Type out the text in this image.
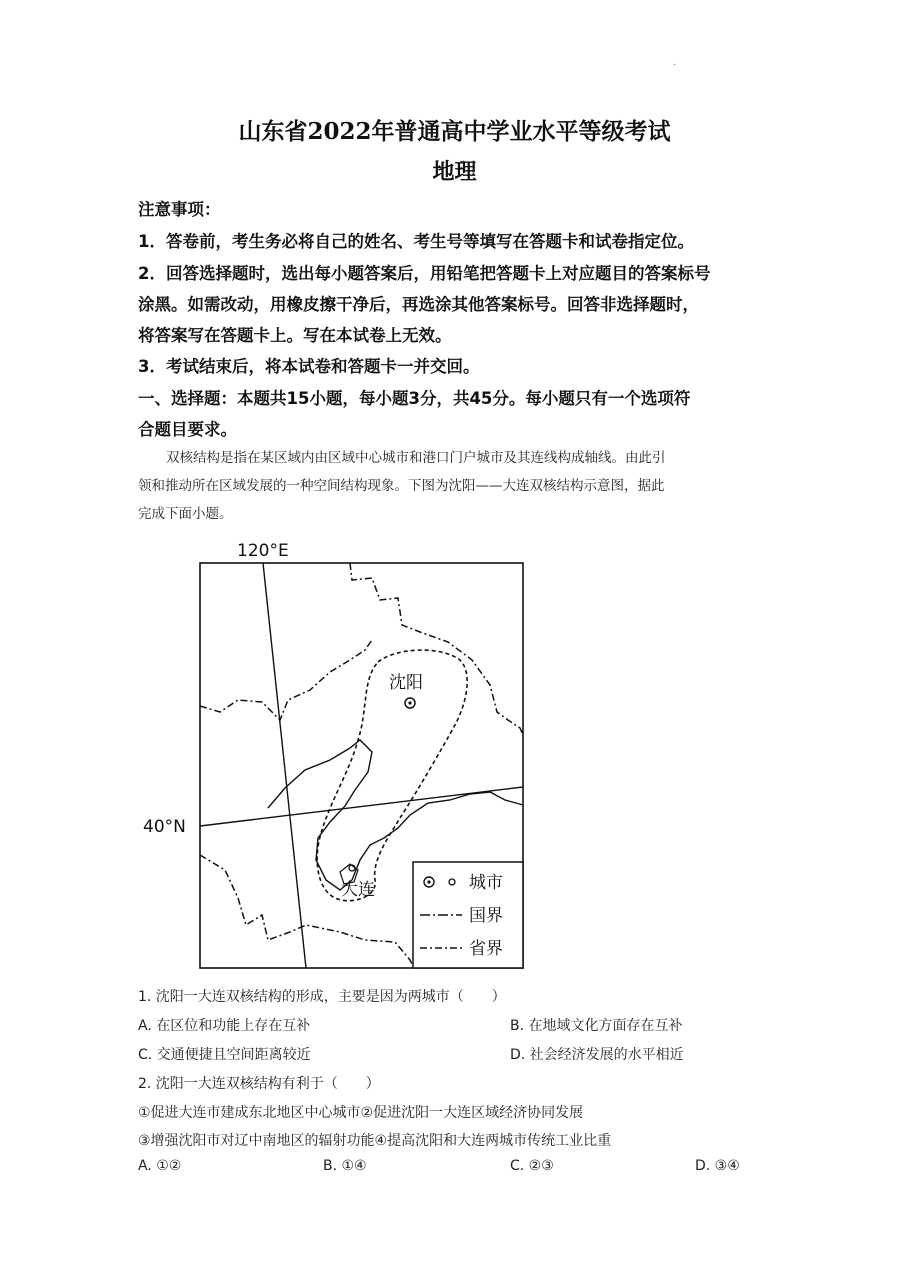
·
山东省2022年普通高中学业水平等级考试
地理
注意事项：
1．答卷前，考生务必将自己的姓名、考生号等填写在答题卡和试卷指定位。
2．回答选择题时，选出每小题答案后，用铅笔把答题卡上对应题目的答案标号
涂黑。如需改动，用橡皮擦干净后，再选涂其他答案标号。回答非选择题时，
将答案写在答题卡上。写在本试卷上无效。
3．考试结束后，将本试卷和答题卡一并交回。
一、选择题：本题共15小题，每小题3分，共45分。每小题只有一个选项符
合题目要求。
双核结构是指在某区域内由区域中心城市和港口门户城市及其连线构成轴线。由此引
领和推动所在区域发展的一种空间结构现象。下图为沈阳——大连双核结构示意图，据此
完成下面小题。
120°E
40°N
沈阳
大连	城市
国界
省界
1. 沈阳一大连双核结构的形成，主要是因为两城市（　　）
A. 在区位和功能上存在互补	B. 在地域文化方面存在互补
C. 交通便捷且空间距离较近	D. 社会经济发展的水平相近
2. 沈阳一大连双核结构有利于（　　）
①促进大连市建成东北地区中心城市②促进沈阳一大连区域经济协同发展
③增强沈阳市对辽中南地区的辐射功能④提高沈阳和大连两城市传统工业比重
A. ①②	B. ①④	C. ②③	D. ③④
